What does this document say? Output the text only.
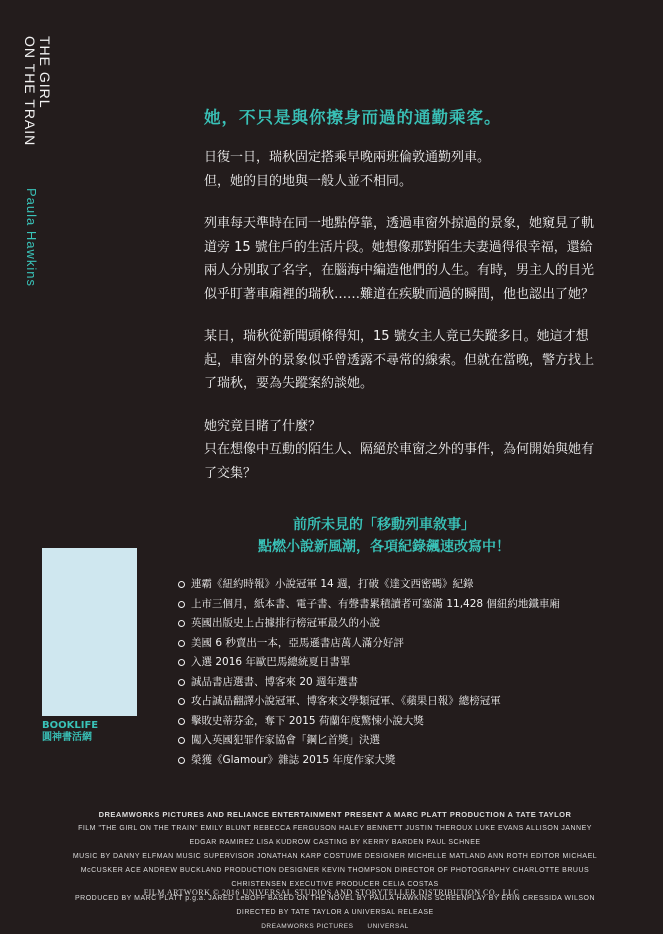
THE GIRL
ON THE TRAIN
Paula Hawkins
她，不只是與你擦身而過的通勤乘客。

日復一日，瑞秋固定搭乘早晚兩班倫敦通勤列車。
但，她的目的地與一般人並不相同。

列車每天準時在同一地點停靠，透過車窗外掠過的景象，她窺見了軌道旁 15 號住戶的生活片段。她想像那對陌生夫妻過得很幸福，還給兩人分別取了名字，在腦海中編造他們的人生。有時，男主人的目光似乎盯著車廂裡的瑞秋……難道在疾駛而過的瞬間，他也認出了她？

某日，瑞秋從新聞頭條得知，15 號女主人竟已失蹤多日。她這才想起，車窗外的景象似乎曾透露不尋常的線索。但就在當晚，警方找上了瑞秋，要為失蹤案約談她。

她究竟目睹了什麼？
只在想像中互動的陌生人、隔絕於車窗之外的事件，為何開始與她有了交集？

前所未見的「移動列車敘事」
點燃小說新風潮，各項紀錄飆速改寫中！
連霸《紐約時報》小說冠軍 14 週，打破《達文西密碼》紀錄
上市三個月，紙本書、電子書、有聲書累積讀者可塞滿 11,428 個紐約地鐵車廂
英國出版史上占據排行榜冠軍最久的小說
美國 6 秒賣出一本，亞馬遜書店萬人滿分好評
入選 2016 年歐巴馬總統夏日書單
誠品書店選書、博客來 20 週年選書
攻占誠品翻譯小說冠軍、博客來文學類冠軍、《蘋果日報》總榜冠軍
擊敗史蒂芬金，奪下 2015 荷蘭年度驚悚小說大獎
闖入英國犯罪作家協會「鋼匕首獎」決選
榮獲《Glamour》雜誌 2015 年度作家大獎
BOOKLIFE
圓神書活網
DREAMWORKS PICTURES AND RELIANCE ENTERTAINMENT PRESENT A MARC PLATT PRODUCTION A TATE TAYLOR
FILM "THE GIRL ON THE TRAIN" EMILY BLUNT REBECCA FERGUSON HALEY BENNETT JUSTIN THEROUX LUKE EVANS ALLISON JANNEY EDGAR RAMIREZ LISA KUDROW CASTING BY KERRY BARDEN PAUL SCHNEE
MUSIC BY DANNY ELFMAN MUSIC SUPERVISOR JONATHAN KARP COSTUME DESIGNER MICHELLE MATLAND ANN ROTH EDITOR MICHAEL McCUSKER ACE ANDREW BUCKLAND PRODUCTION DESIGNER KEVIN THOMPSON DIRECTOR OF PHOTOGRAPHY CHARLOTTE BRUUS CHRISTENSEN EXECUTIVE PRODUCER CELIA COSTAS
PRODUCED BY MARC PLATT p.g.a. JARED LeBOFF BASED ON THE NOVEL BY PAULA HAWKINS SCREENPLAY BY ERIN CRESSIDA WILSON DIRECTED BY TATE TAYLOR A UNIVERSAL RELEASE
DREAMWORKS PICTURES UNIVERSAL
FILM ARTWORK © 2016 UNIVERSAL STUDIOS AND STORYTELLER DISTRIBUTION CO., LLC
